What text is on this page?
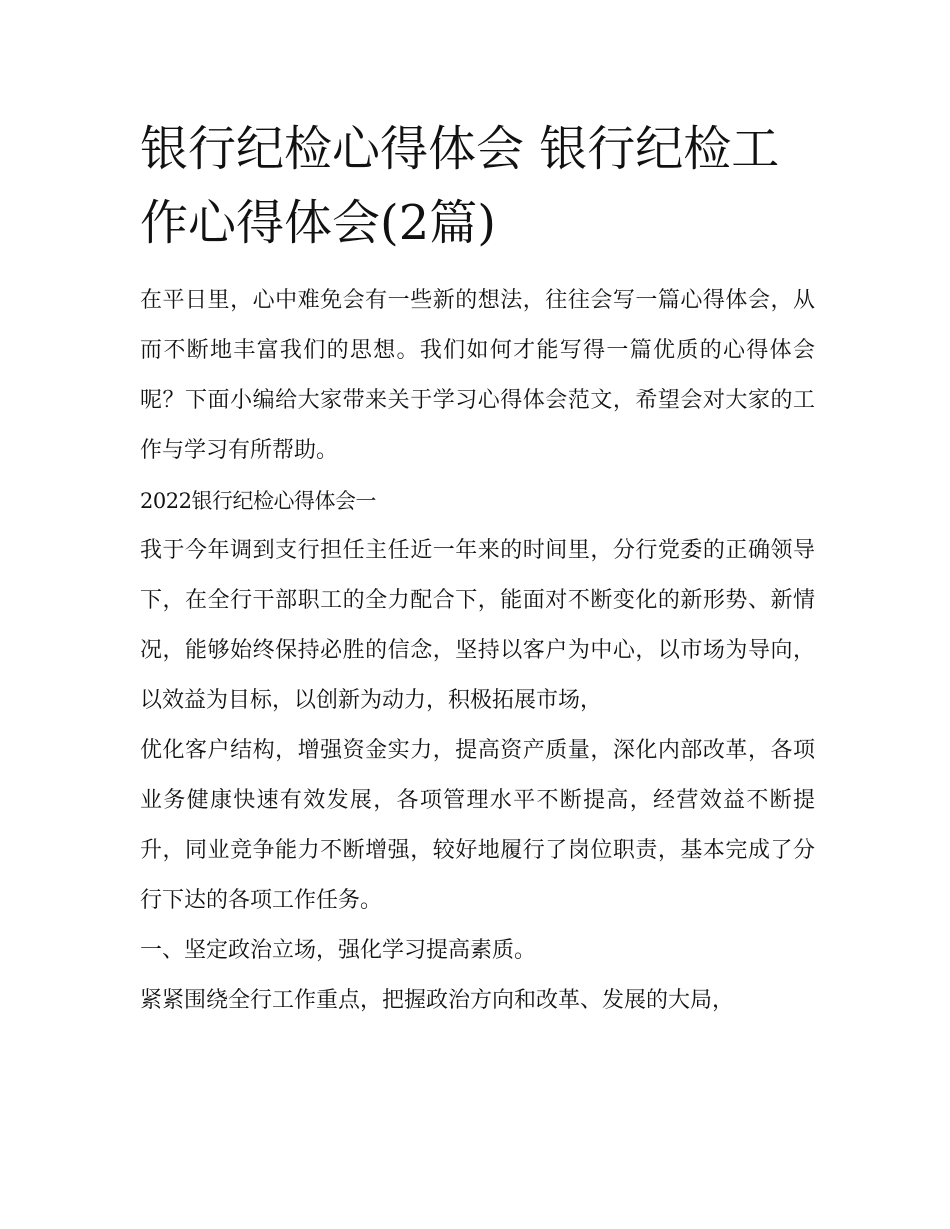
银行纪检心得体会 银行纪检工作心得体会(2篇)

在平日里，心中难免会有一些新的想法，往往会写一篇心得体会，从而不断地丰富我们的思想。我们如何才能写得一篇优质的心得体会呢？下面小编给大家带来关于学习心得体会范文，希望会对大家的工作与学习有所帮助。

2022银行纪检心得体会一

我于今年调到支行担任主任近一年来的时间里，分行党委的正确领导下，在全行干部职工的全力配合下，能面对不断变化的新形势、新情况，能够始终保持必胜的信念，坚持以客户为中心，以市场为导向，以效益为目标，以创新为动力，积极拓展市场，

优化客户结构，增强资金实力，提高资产质量，深化内部改革，各项业务健康快速有效发展，各项管理水平不断提高，经营效益不断提升，同业竞争能力不断增强，较好地履行了岗位职责，基本完成了分行下达的各项工作任务。

一、坚定政治立场，强化学习提高素质。

紧紧围绕全行工作重点，把握政治方向和改革、发展的大局，
